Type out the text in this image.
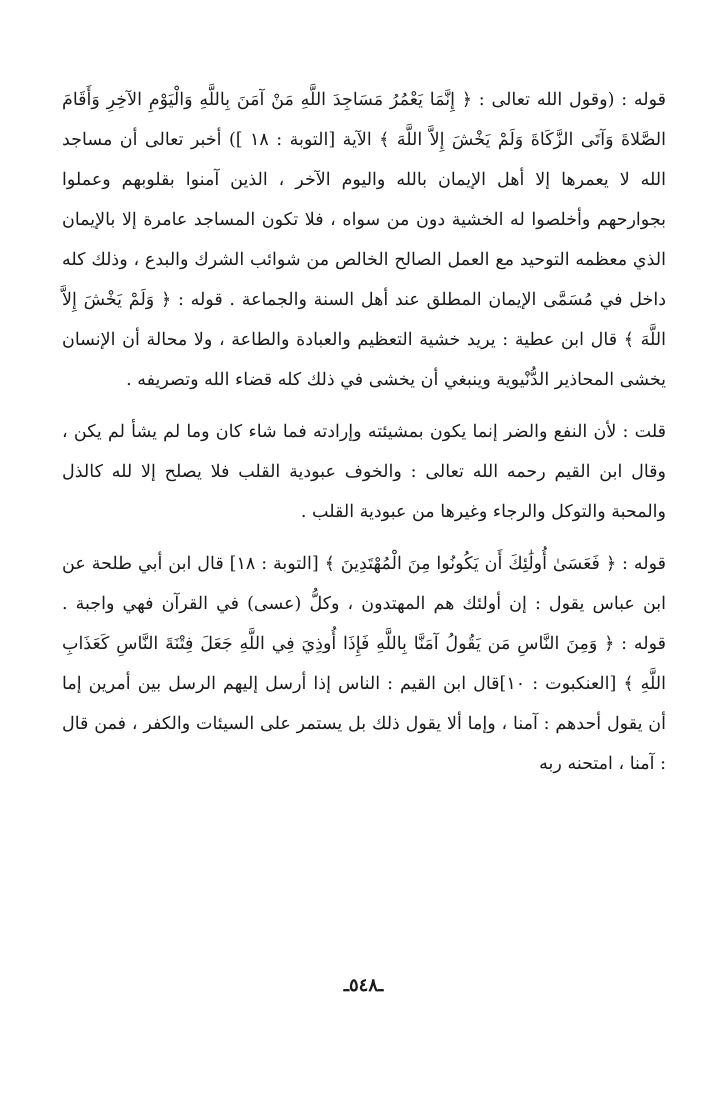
قوله : (وقول الله تعالى : ﴿ إِنَّمَا يَعْمُرُ مَسَاجِدَ اللَّهِ مَنْ آمَنَ بِاللَّهِ وَالْيَوْمِ الآخِرِ وَأَقَامَ الصَّلاةَ وَآتَى الزَّكَاةَ وَلَمْ يَخْشَ إِلاَّ اللَّهَ ﴾ الآية [التوبة : ١٨ ]) أخبر تعالى أن مساجد الله لا يعمرها إلا أهل الإيمان بالله واليوم الآخر ، الذين آمنوا بقلوبهم وعملوا بجوارحهم وأخلصوا له الخشية دون من سواه ، فلا تكون المساجد عامرة إلا بالإيمان الذي معظمه التوحيد مع العمل الصالح الخالص من شوائب الشرك والبدع ، وذلك كله داخل في مُسَمَّى الإيمان المطلق عند أهل السنة والجماعة . قوله : ﴿ وَلَمْ يَخْشَ إِلاَّ اللَّهَ ﴾ قال ابن عطية : يريد خشية التعظيم والعبادة والطاعة ، ولا محالة أن الإنسان يخشى المحاذير الدُّنْيوية وينبغي أن يخشى في ذلك كله قضاء الله وتصريفه .

قلت : لأن النفع والضر إنما يكون بمشيئته وإرادته فما شاء كان وما لم يشأ لم يكن ، وقال ابن القيم رحمه الله تعالى : والخوف عبودية القلب فلا يصلح إلا لله كالذل والمحبة والتوكل والرجاء وغيرها من عبودية القلب .

قوله : ﴿ فَعَسَىٰ أُولَٰئِكَ أَن يَكُونُوا مِنَ الْمُهْتَدِينَ ﴾ [التوبة : ١٨] قال ابن أبي طلحة عن ابن عباس يقول : إن أولئك هم المهتدون ، وكلُّ (عسى) في القرآن فهي واجبة . قوله : ﴿ وَمِنَ النَّاسِ مَن يَقُولُ آمَنَّا بِاللَّهِ فَإِذَا أُوذِيَ فِي اللَّهِ جَعَلَ فِتْنَةَ النَّاسِ كَعَذَابِ اللَّهِ ﴾ [العنكبوت : ١٠]قال ابن القيم : الناس إذا أرسل إليهم الرسل بين أمرين إما أن يقول أحدهم : آمنا ، وإما ألا يقول ذلك بل يستمر على السيئات والكفر ، فمن قال : آمنا ، امتحنه ربه

ـ٥٤٨ـ
